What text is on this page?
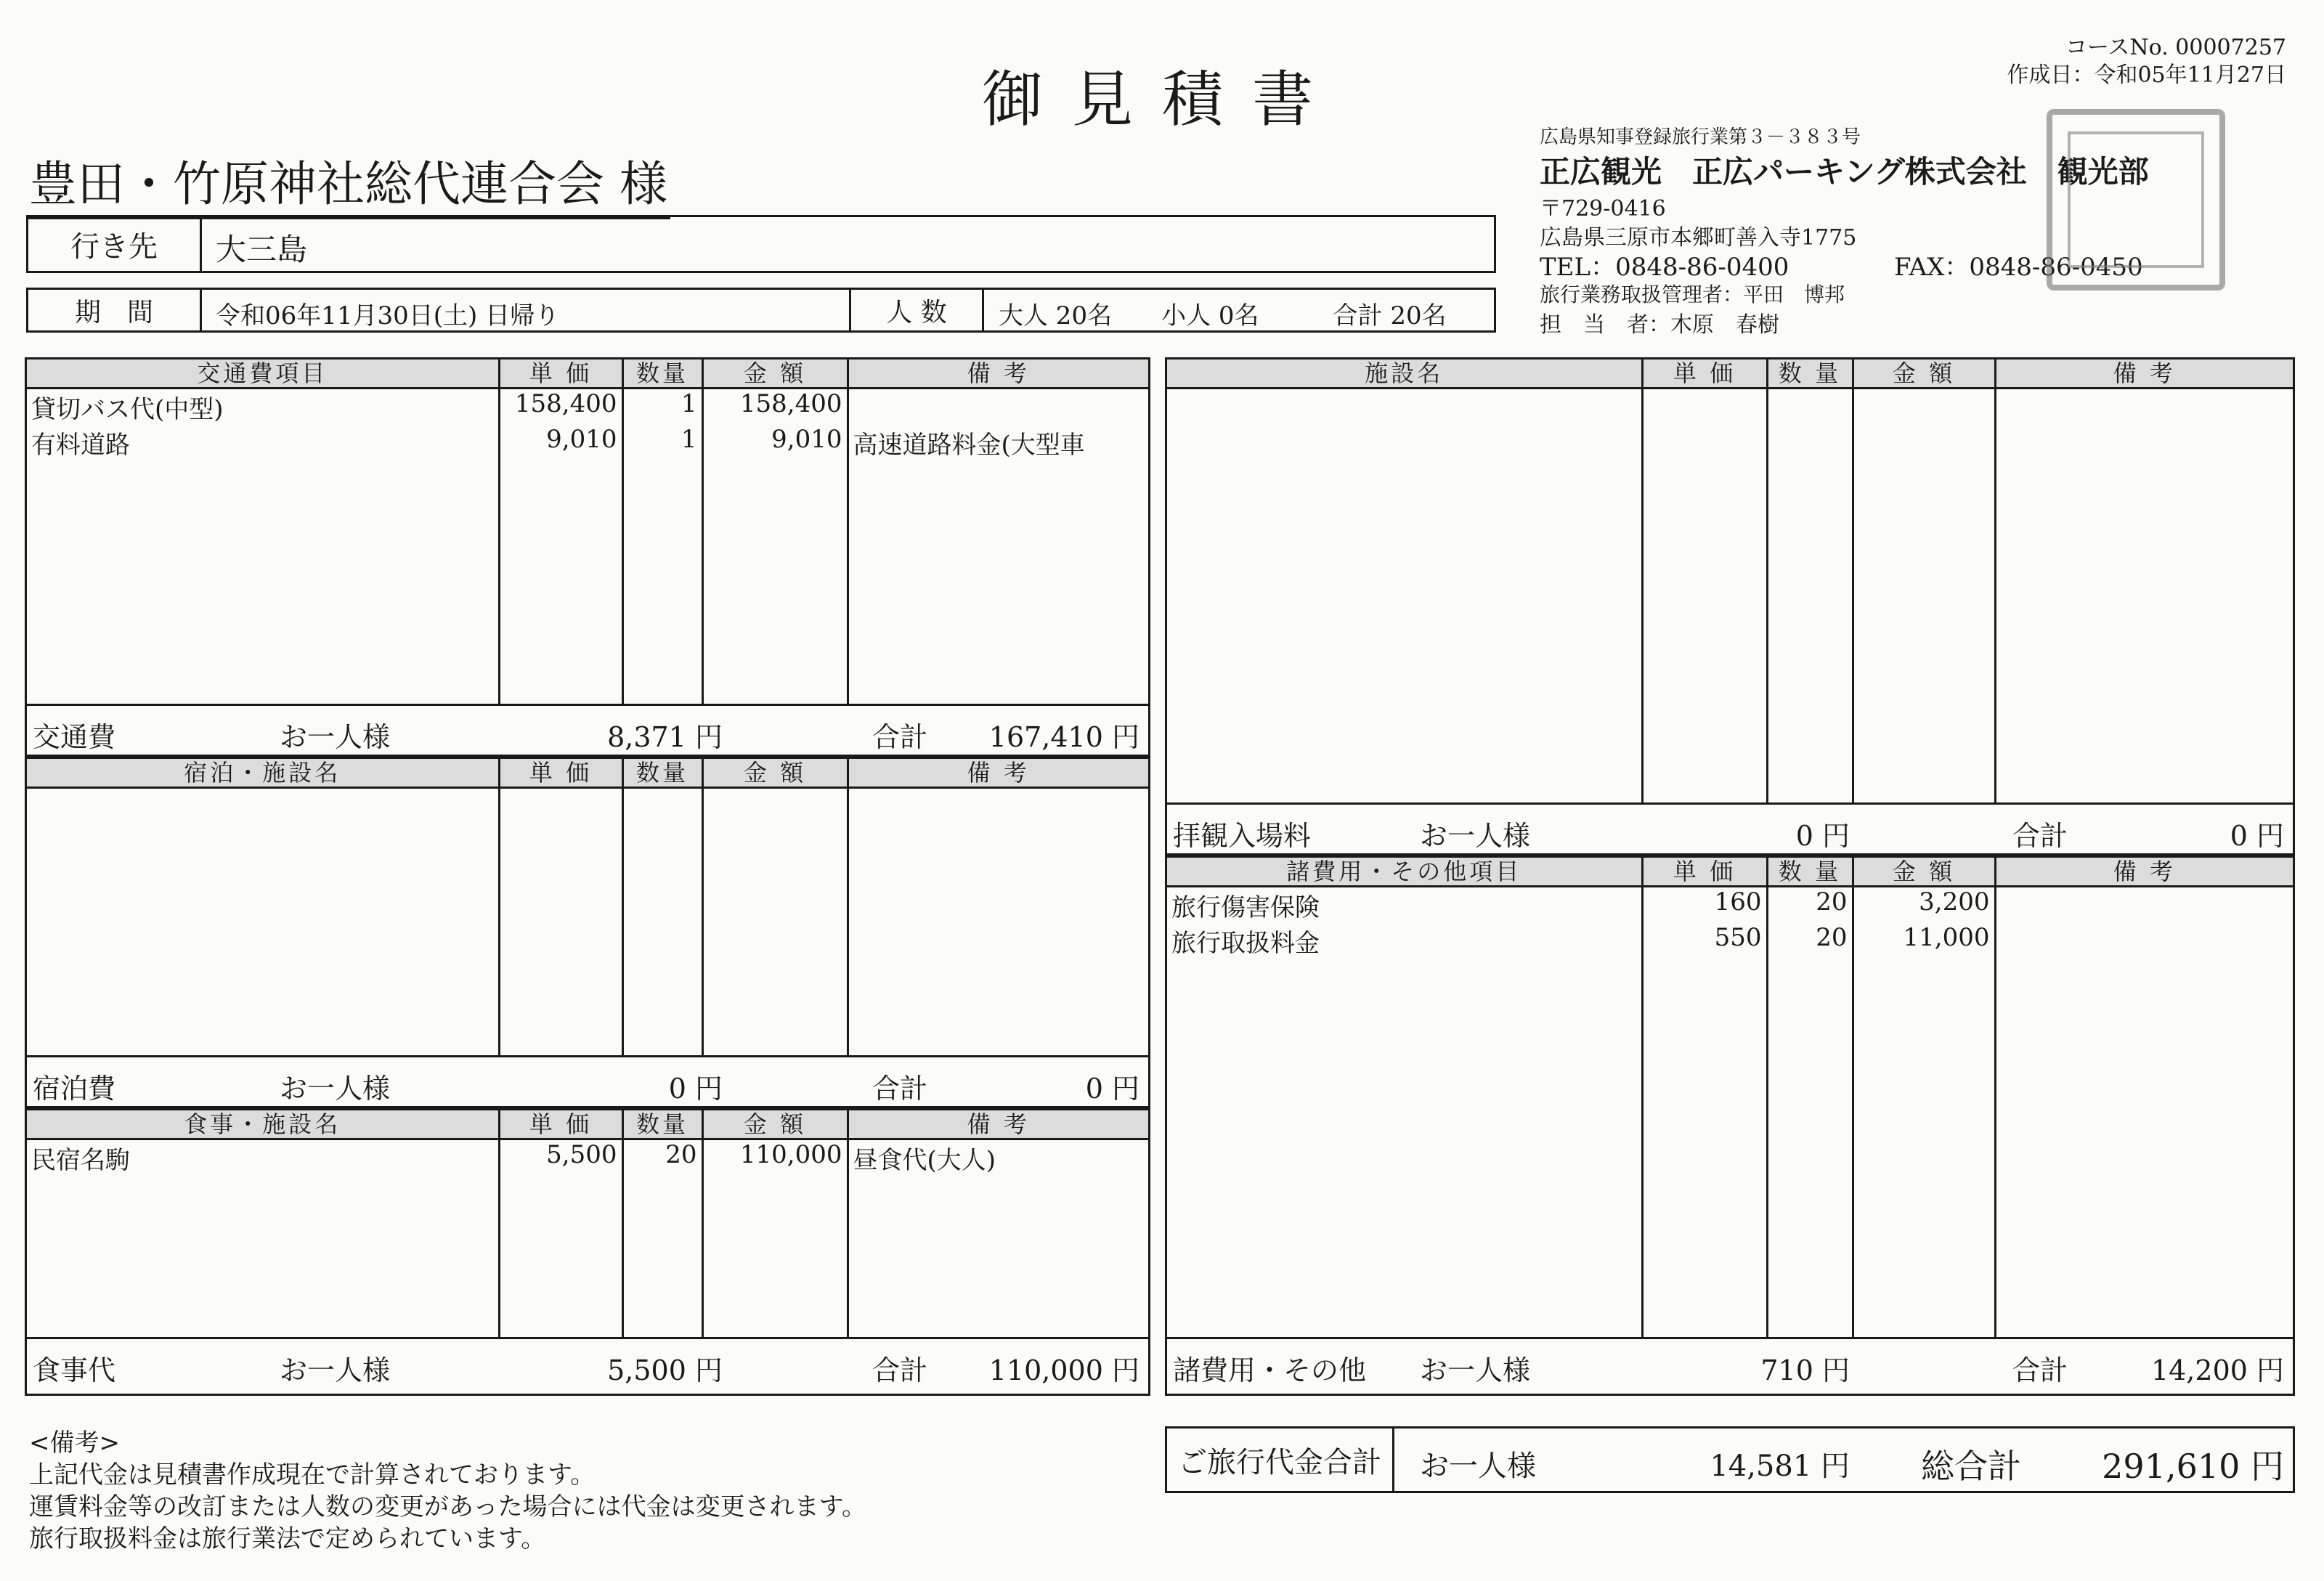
御見積書
コースNo. 00007257
作成日：令和05年11月27日
豊田・竹原神社総代連合会 様
行き先	大三島
期　間	令和06年11月30日(土) 日帰り	人 数	大人 20名　　小人 0名　　　合計 20名
広島県知事登録旅行業第３－３８３号
正広観光　正広パーキング株式会社　観光部
〒729-0416
広島県三原市本郷町善入寺1775
TEL：0848-86-0400	FAX：0848-86-0450
旅行業務取扱管理者：平田　博邦
担　当　者：木原　春樹
交通費項目	単 価	数量	金 額	備 考
貸切バス代(中型)	158,400	1	158,400	
有料道路	9,010	1	9,010	高速道路料金(大型車

交通費	お一人様	8,371 円	合計 167,410 円
宿泊・施設名	単 価	数量	金 額	備 考

宿泊費	お一人様	0 円	合計	0 円
食事・施設名	単 価	数量	金 額	備 考
民宿名駒	5,500	20	110,000	昼食代(大人)

食事代	お一人様	5,500 円	合計 110,000 円
施設名	単 価	数 量	金 額	備 考

拝観入場料	お一人様	0 円	合計	0 円
諸費用・その他項目	単 価	数 量	金 額	備 考
旅行傷害保険	160	20	3,200	
旅行取扱料金	550	20	11,000	

諸費用・その他 お一人様	710 円	合計	14,200 円
ご旅行代金合計	お一人様	14,581 円 総合計 291,610 円
<備考>
上記代金は見積書作成現在で計算されております。
運賃料金等の改訂または人数の変更があった場合には代金は変更されます。
旅行取扱料金は旅行業法で定められています。
